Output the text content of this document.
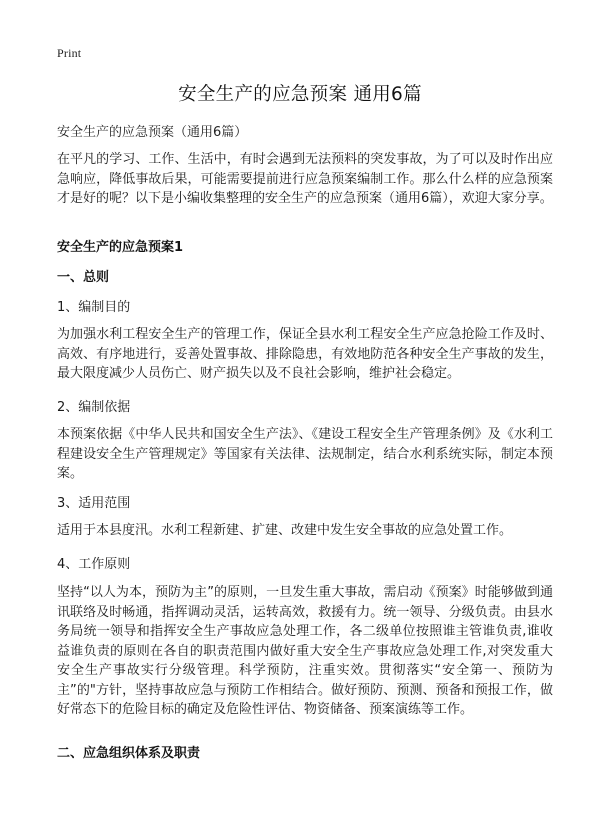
Print
安全生产的应急预案 通用6篇
安全生产的应急预案（通用6篇）
在平凡的学习、工作、生活中，有时会遇到无法预料的突发事故，为了可以及时作出应急响应，降低事故后果，可能需要提前进行应急预案编制工作。那么什么样的应急预案才是好的呢？以下是小编收集整理的安全生产的应急预案（通用6篇），欢迎大家分享。
安全生产的应急预案1
一、总则
1、编制目的
为加强水利工程安全生产的管理工作，保证全县水利工程安全生产应急抢险工作及时、高效、有序地进行，妥善处置事故、排除隐患，有效地防范各种安全生产事故的发生，最大限度减少人员伤亡、财产损失以及不良社会影响，维护社会稳定。
2、编制依据
本预案依据《中华人民共和国安全生产法》、《建设工程安全生产管理条例》及《水利工程建设安全生产管理规定》等国家有关法律、法规制定，结合水利系统实际，制定本预案。
3、适用范围
适用于本县度汛。水利工程新建、扩建、改建中发生安全事故的应急处置工作。
4、工作原则
坚持“以人为本，预防为主”的原则，一旦发生重大事故，需启动《预案》时能够做到通讯联络及时畅通，指挥调动灵活，运转高效，救援有力。统一领导、分级负责。由县水务局统一领导和指挥安全生产事故应急处理工作，各二级单位按照谁主管谁负责,谁收益谁负责的原则在各自的职责范围内做好重大安全生产事故应急处理工作,对突发重大安全生产事故实行分级管理。科学预防，注重实效。贯彻落实“安全第一、预防为主”的"方针，坚持事故应急与预防工作相结合。做好预防、预测、预备和预报工作，做好常态下的危险目标的确定及危险性评估、物资储备、预案演练等工作。
二、应急组织体系及职责
